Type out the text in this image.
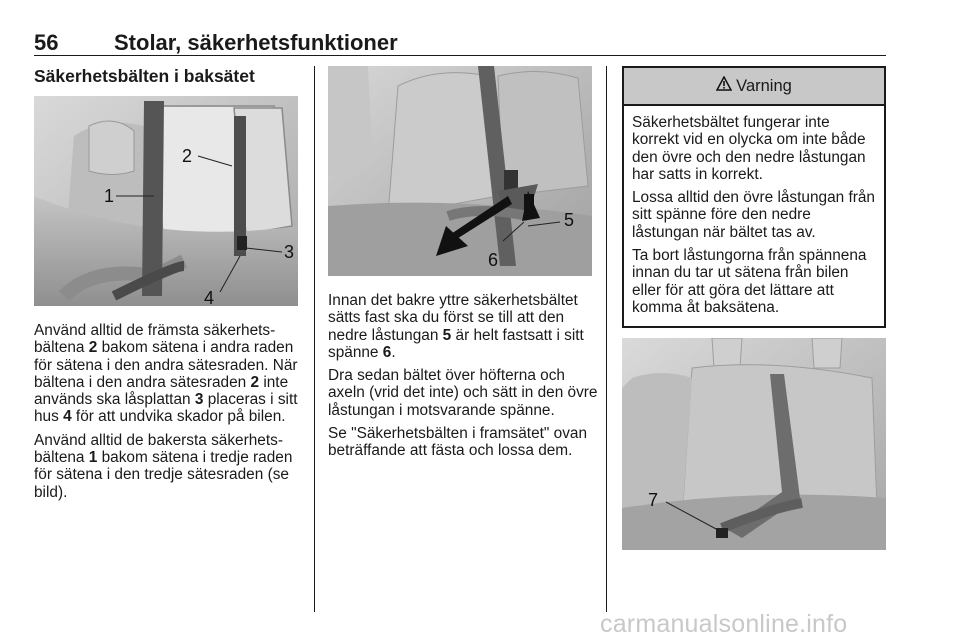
56	Stolar, säkerhetsfunktioner
Säkerhetsbälten i baksätet
1
2
3
4

Använd alltid de främsta säkerhetsbältena 2 bakom sätena i andra raden för sätena i den andra sätesraden. När bältena i den andra sätesraden 2 inte används ska låsplattan 3 placeras i sitt hus 4 för att undvika skador på bilen.

Använd alltid de bakersta säkerhetsbältena 1 bakom sätena i tredje raden för sätena i den tredje sätesraden (se bild).

5
6

Innan det bakre yttre säkerhetsbältet sätts fast ska du först se till att den nedre låstungan 5 är helt fastsatt i sitt spänne 6.

Dra sedan bältet över höfterna och axeln (vrid det inte) och sätt in den övre låstungan i motsvarande spänne.

Se "Säkerhetsbälten i framsätet" ovan beträffande att fästa och lossa dem.

Varning

Säkerhetsbältet fungerar inte korrekt vid en olycka om inte både den övre och den nedre låstungan har satts in korrekt.

Lossa alltid den övre låstungan från sitt spänne före den nedre låstungan när bältet tas av.

Ta bort låstungorna från spännena innan du tar ut sätena från bilen eller för att göra det lättare att komma åt baksätena.

7
carmanualsonline.info
